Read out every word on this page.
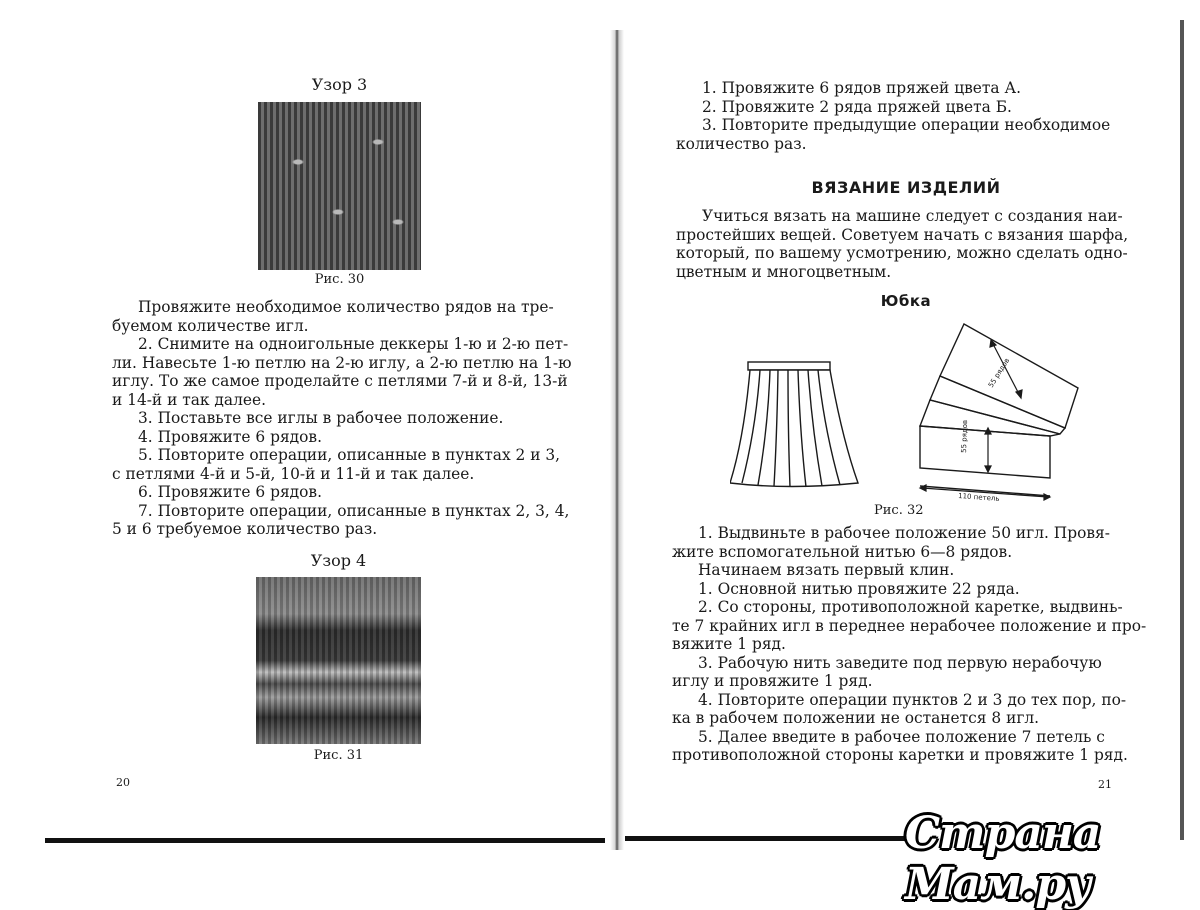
Узор 3
Рис. 30
Провяжите необходимое количество рядов на тре-
буемом количестве игл.
2. Снимите на одноигольные деккеры 1-ю и 2-ю пет-
ли. Навесьте 1-ю петлю на 2-ю иглу, а 2-ю петлю на 1-ю
иглу. То же самое проделайте с петлями 7-й и 8-й, 13-й
и 14-й и так далее.
3. Поставьте все иглы в рабочее положение.
4. Провяжите 6 рядов.
5. Повторите операции, описанные в пунктах 2 и 3,
с петлями 4-й и 5-й, 10-й и 11-й и так далее.
6. Провяжите 6 рядов.
7. Повторите операции, описанные в пунктах 2, 3, 4,
5 и 6 требуемое количество раз.
Узор 4
Рис. 31
20
1. Провяжите 6 рядов пряжей цвета А.
2. Провяжите 2 ряда пряжей цвета Б.
3. Повторите предыдущие операции необходимое
количество раз.
ВЯЗАНИЕ ИЗДЕЛИЙ
Учиться вязать на машине следует с создания наи-
простейших вещей. Советуем начать с вязания шарфа,
который, по вашему усмотрению, можно сделать одно-
цветным и многоцветным.
Юбка
55 рядов
55 рядов
110 петель
Рис. 32
1. Выдвиньте в рабочее положение 50 игл. Провя-
жите вспомогательной нитью 6—8 рядов.
Начинаем вязать первый клин.
1. Основной нитью провяжите 22 ряда.
2. Со стороны, противоположной каретке, выдвинь-
те 7 крайних игл в переднее нерабочее положение и про-
вяжите 1 ряд.
3. Рабочую нить заведите под первую нерабочую
иглу и провяжите 1 ряд.
4. Повторите операции пунктов 2 и 3 до тех пор, по-
ка в рабочем положении не останется 8 игл.
5. Далее введите в рабочее положение 7 петель с
противоположной стороны каретки и провяжите 1 ряд.
21
Страна Мам.ру
